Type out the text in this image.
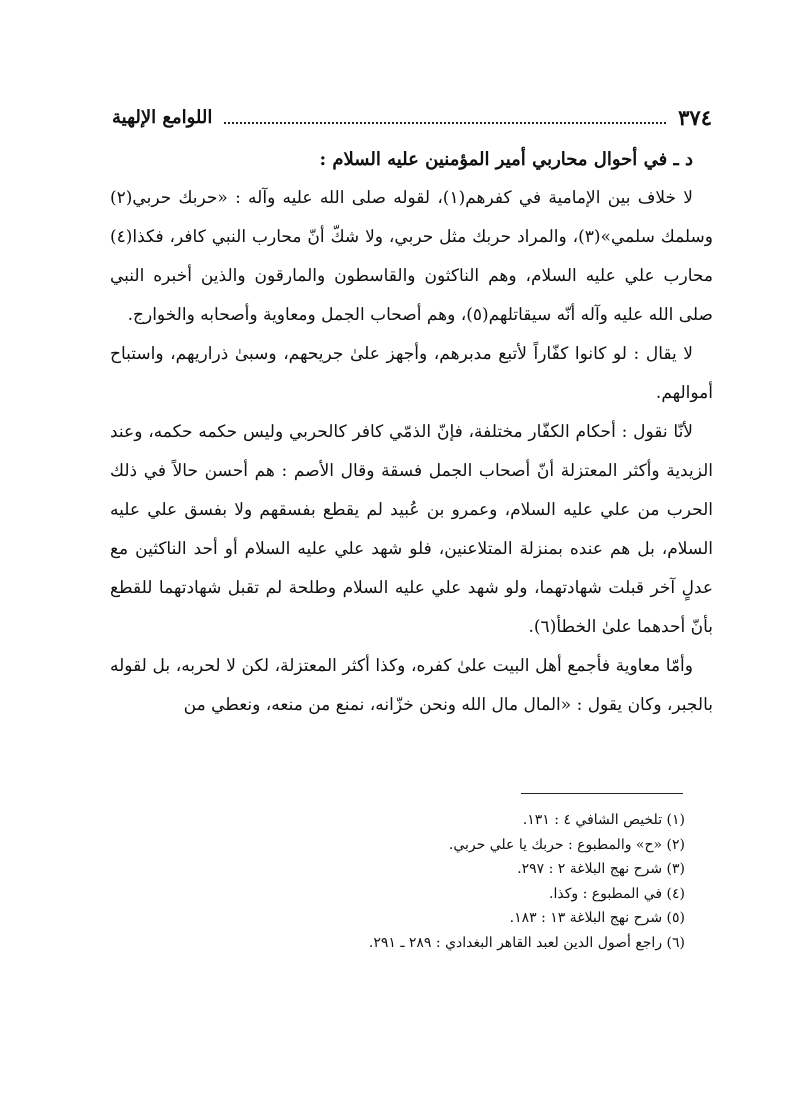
٣٧٤
اللوامع الإلهية

د ـ في أحوال محاربي أمير المؤمنين عليه السلام :

لا خلاف بين الإمامية في كفرهم(١)، لقوله صلى الله عليه وآله : «حربك حربي(٢) وسلمك سلمي»(٣)، والمراد حربك مثل حربي، ولا شكّ أنّ محارب النبي كافر، فكذا(٤) محارب علي عليه السلام، وهم الناكثون والقاسطون والمارقون والذين أخبره النبي صلى الله عليه وآله أنّه سيقاتلهم(٥)، وهم أصحاب الجمل ومعاوية وأصحابه والخوارج.

لا يقال : لو كانوا كفّاراً لأتبع مدبرهم، وأجهز علىٰ جريحهم، وسبىٰ ذراريهم، واستباح أموالهم.

لأنّا نقول : أحكام الكفّار مختلفة، فإنّ الذمّي كافر كالحربي وليس حكمه حكمه، وعند الزيدية وأكثر المعتزلة أنّ أصحاب الجمل فسقة وقال الأصم : هم أحسن حالاً في ذلك الحرب من علي عليه السلام، وعمرو بن عُبيد لم يقطع بفسقهم ولا بفسق علي عليه السلام، بل هم عنده بمنزلة المتلاعنين، فلو شهد علي عليه السلام أو أحد الناكثين مع عدلٍ آخر قبلت شهادتهما، ولو شهد علي عليه السلام وطلحة لم تقبل شهادتهما للقطع بأنّ أحدهما علىٰ الخطأ(٦).

وأمّا معاوية فأجمع أهل البيت علىٰ كفره، وكذا أكثر المعتزلة، لكن لا لحربه، بل لقوله بالجبر، وكان يقول : «المال مال الله ونحن خزّانه، نمنع من منعه، ونعطي من

(١) تلخيص الشافي ٤ : ١٣١.
(٢) «ح» والمطبوع : حربك يا علي حربي.
(٣) شرح نهج البلاغة ٢ : ٢٩٧.
(٤) في المطبوع : وكذا.
(٥) شرح نهج البلاغة ١٣ : ١٨٣.
(٦) راجع أصول الدين لعبد القاهر البغدادي : ٢٨٩ ـ ٢٩١.
